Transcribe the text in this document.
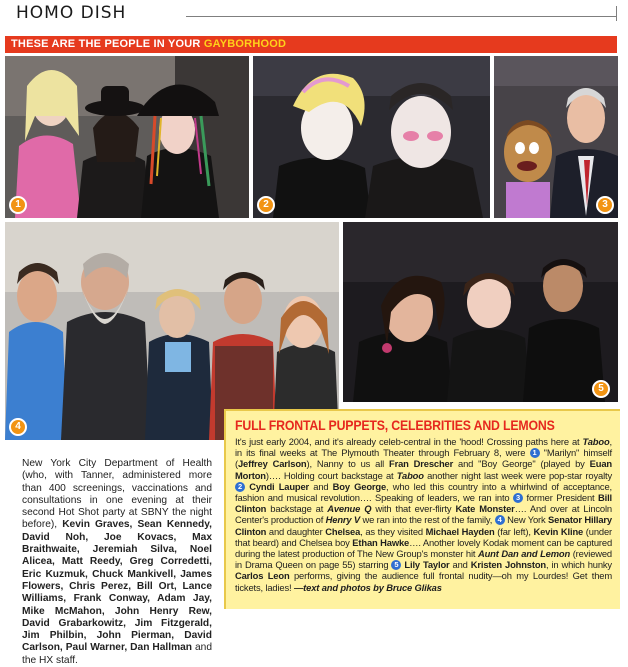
HOMO DISH
THESE ARE THE PEOPLE IN YOUR GAYBORHOOD
1	2	3
4
5
New York City Department of Health (who, with Tanner, administered more than 400 screenings, vaccinations and consultations in one evening at their second Hot Shot party at SBNY the night before), Kevin Graves, Sean Kennedy, David Noh, Joe Kovacs, Max Braithwaite, Jeremiah Silva, Noel Alicea, Matt Reedy, Greg Corredetti, Eric Kuzmuk, Chuck Mankivell, James Flowers, Chris Perez, Bill Ort, Lance Williams, Frank Conway, Adam Jay, Mike McMahon, John Henry Rew, David Grabarkowitz, Jim Fitzgerald, Jim Philbin, John Pierman, David Carlson, Paul Warner, Dan Hallman and the HX staff.
FULL FRONTAL PUPPETS, CELEBRITIES AND LEMONS

It's just early 2004, and it's already celeb-central in the 'hood! Crossing paths here at Taboo, in its final weeks at The Plymouth Theater through February 8, were 1 "Marilyn" himself (Jeffrey Carlson), Nanny to us all Fran Drescher and "Boy George" (played by Euan Morton)…. Holding court backstage at Taboo another night last week were pop-star royalty 2 Cyndi Lauper and Boy George, who led this country into a whirlwind of acceptance, fashion and musical revolution…. Speaking of leaders, we ran into 3 former President Bill Clinton backstage at Avenue Q with that ever-flirty Kate Monster…. And over at Lincoln Center's production of Henry V we ran into the rest of the family, 4 New York Senator Hillary Clinton and daughter Chelsea, as they visited Michael Hayden (far left), Kevin Kline (under that beard) and Chelsea boy Ethan Hawke…. Another lovely Kodak moment can be captured during the latest production of The New Group's monster hit Aunt Dan and Lemon (reviewed in Drama Queen on page 55) starring 5 Lily Taylor and Kristen Johnston, in which hunky Carlos Leon performs, giving the audience full frontal nudity—oh my Lourdes! Get them tickets, ladies! —text and photos by Bruce Glikas
